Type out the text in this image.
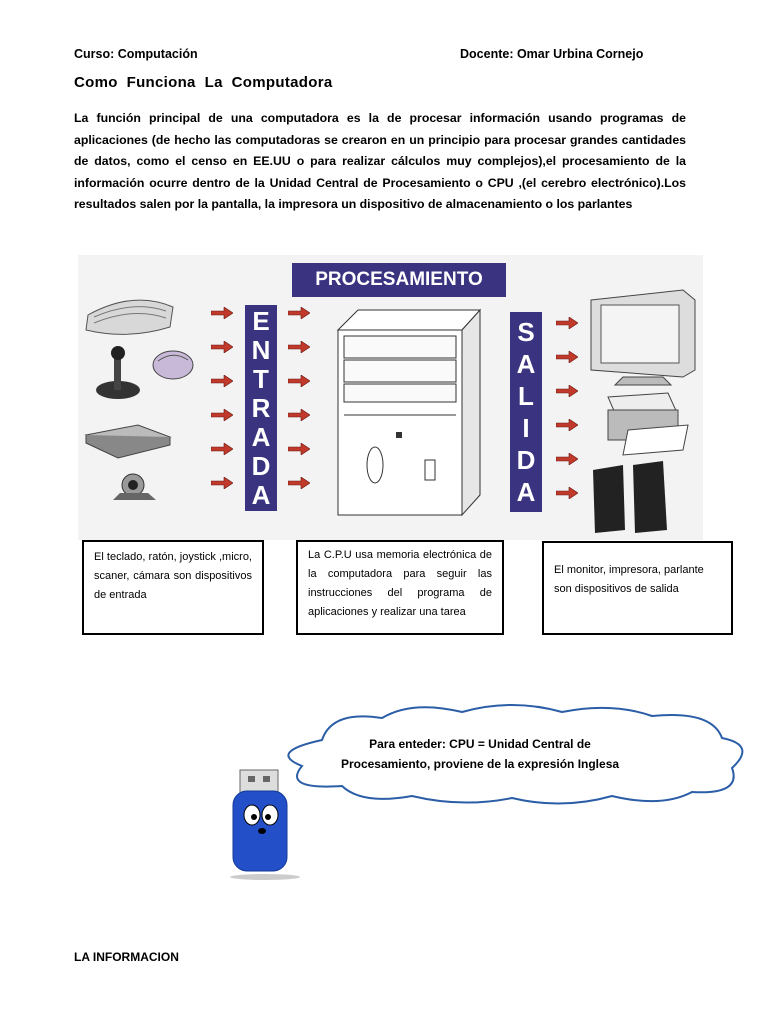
Curso: Computación	Docente: Omar Urbina Cornejo
Como  Funciona  La  Computadora
La función principal de una computadora es la de procesar información usando programas de aplicaciones (de hecho las computadoras se crearon en un principio para procesar grandes cantidades de datos, como el censo en EE.UU o para realizar cálculos muy complejos),el procesamiento de la información ocurre dentro de la Unidad Central de Procesamiento o CPU ,(el cerebro electrónico).Los resultados salen por la pantalla, la impresora un dispositivo de almacenamiento o los parlantes
PROCESAMIENTO
E
N
T
R
A
D
A
S
A
L
I
D
A
El teclado, ratón, joystick ,micro, scaner, cámara son dispositivos de entrada
La C.P.U usa memoria electrónica de la computadora para seguir las instrucciones del programa de aplicaciones y realizar una tarea
El monitor, impresora, parlante son dispositivos de salida
Para enteder: CPU = Unidad Central de Procesamiento, proviene de la expresión Inglesa
LA INFORMACION
